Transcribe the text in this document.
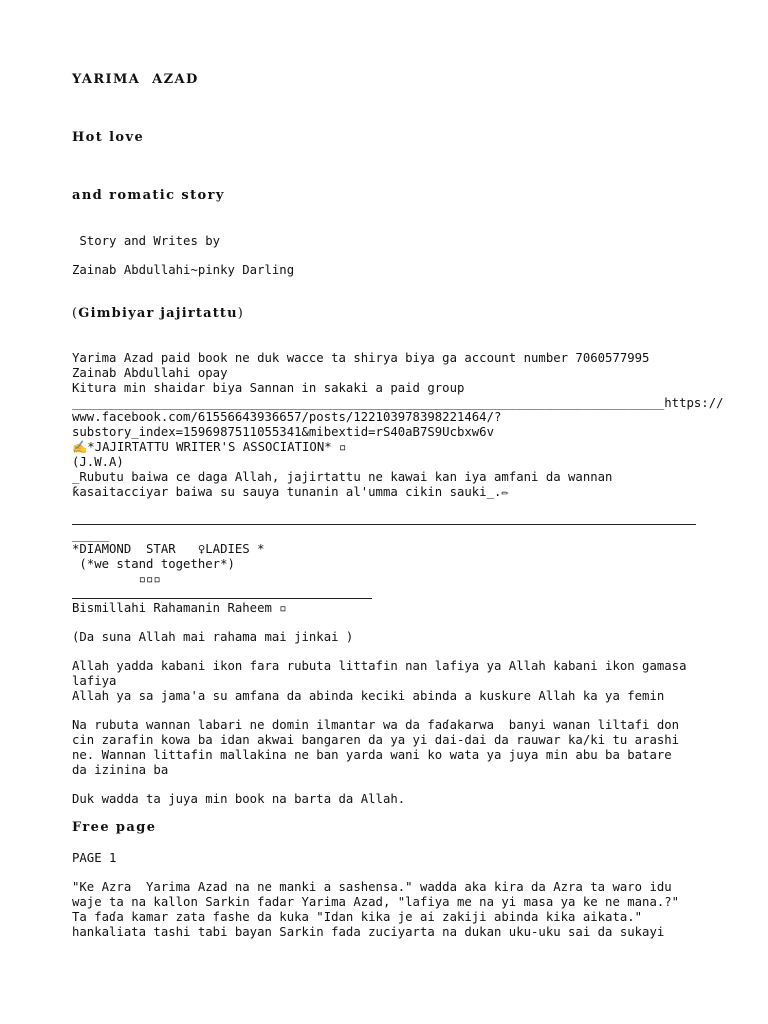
YARIMA  AZAD
Hot love
and romatic story
Story and Writes by
Zainab Abdullahi~pinky Darling
(Gimbiyar jajirtattu)
Yarima Azad paid book ne duk wacce ta shirya biya ga account number 7060577995
Zainab Abdullahi opay
Kitura min shaidar biya Sannan in sakaki a paid group
________________________________________________________________________________https://
www.facebook.com/61556643936657/posts/122103978398221464/?
substory_index=1596987511055341&mibextid=rS40aB7S9Ucbxw6v
✍️*JAJIRTATTU WRITER'S ASSOCIATION* ▫
(J.W.A)
_Rubutu baiwa ce daga Allah, jajirtattu ne kawai kan iya amfani da wannan
ƙasaitacciyar baiwa su sauya tunanin al'umma cikin sauki_.✏
_____
*DIAMOND  STAR   ♀LADIES *
(*we stand together*)
▫▫▫
Bismillahi Rahamanin Raheem ▫
(Da suna Allah mai rahama mai jinkai )
Allah yadda kabani ikon fara rubuta littafin nan lafiya ya Allah kabani ikon gamasa
lafiya
Allah ya sa jama'a su amfana da abinda keciki abinda a kuskure Allah ka ya femin
Na rubuta wannan labari ne domin ilmantar wa da faɗakarwa  banyi wanan liltafi don
cin zarafin kowa ba idan akwai bangaren da ya yi dai-dai da rauwar ka/ki tu arashi
ne. Wannan littafin mallakina ne ban yarda wani ko wata ya juya min abu ba batare
da izinina ba
Duk wadda ta juya min book na barta da Allah.
Free page
PAGE 1
"Ke Azra  Yarima Azad na ne manki a sashensa." wadda aka kira da Azra ta waro idu
waje ta na kallon Sarkin fadar Yarima Azad, "lafiya me na yi masa ya ke ne mana.?"
Ta faɗa kamar zata fashe da kuka "Idan kika je ai zakiji abinda kika aikata."
hankaliata tashi tabi bayan Sarkin fada zuciyarta na dukan uku-uku sai da sukayi
